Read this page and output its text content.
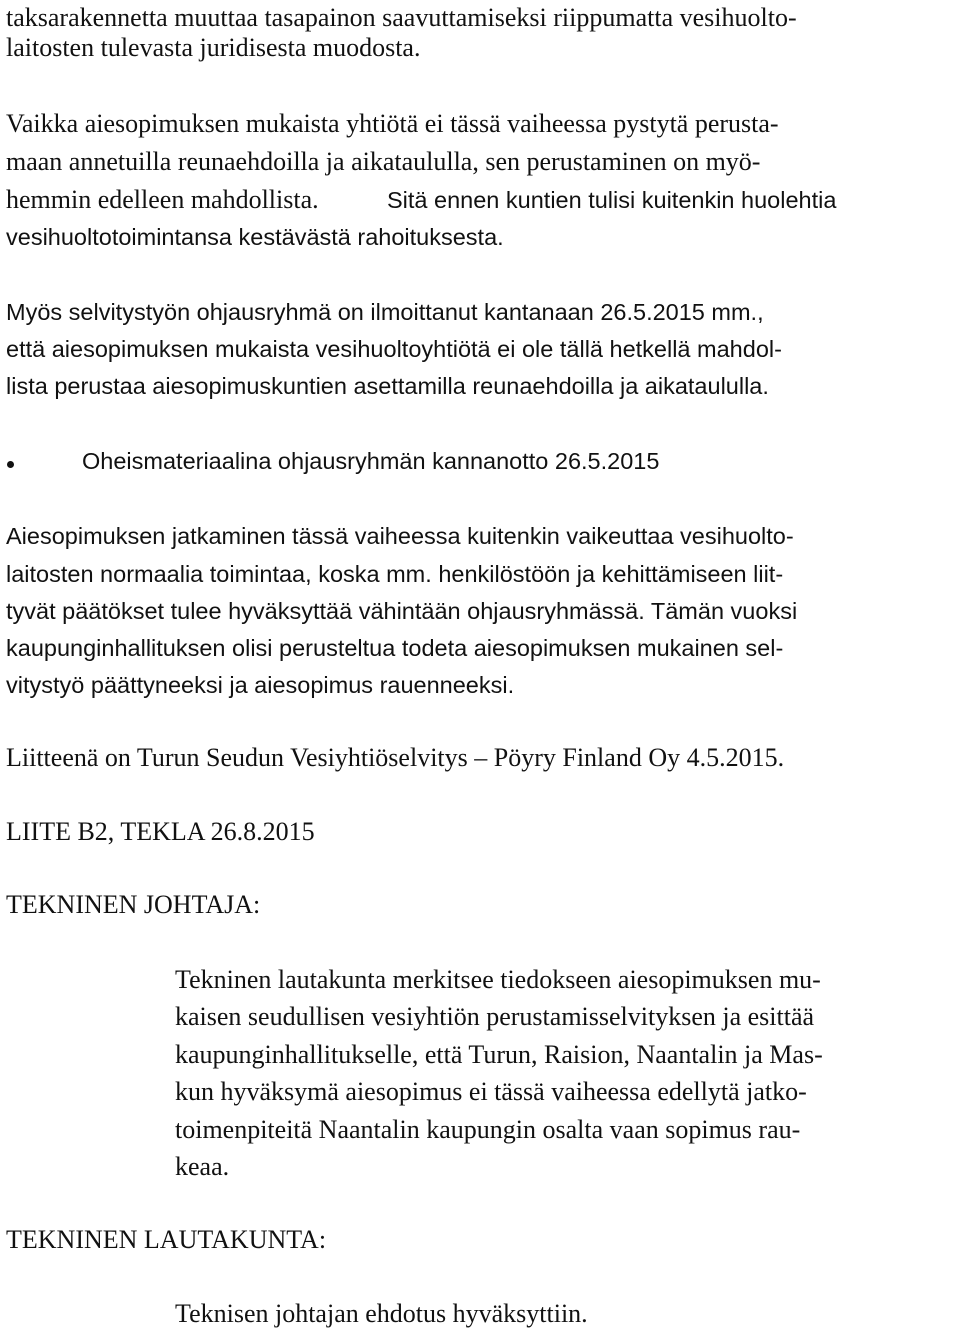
taksarakennetta muuttaa tasapainon saavuttamiseksi riippumatta vesihuolto-
laitosten tulevasta juridisesta muodosta.
Vaikka aiesopimuksen mukaista yhtiötä ei tässä vaiheessa pystytä perusta-
maan annetuilla reunaehdoilla ja aikataululla, sen perustaminen on myö-
hemmin edelleen mahdollista.	Sitä ennen kuntien tulisi kuitenkin huolehtia
vesihuoltotoimintansa kestävästä rahoituksesta.
Myös selvitystyön ohjausryhmä on ilmoittanut kantanaan 26.5.2015 mm.,
että aiesopimuksen mukaista vesihuoltoyhtiötä ei ole tällä hetkellä mahdol-
lista perustaa aiesopimuskuntien asettamilla reunaehdoilla ja aikataululla.
Oheismateriaalina ohjausryhmän kannanotto 26.5.2015
Aiesopimuksen jatkaminen tässä vaiheessa kuitenkin vaikeuttaa vesihuolto-
laitosten normaalia toimintaa, koska mm. henkilöstöön ja kehittämiseen liit-
tyvät päätökset tulee hyväksyttää vähintään ohjausryhmässä. Tämän vuoksi
kaupunginhallituksen olisi perusteltua todeta aiesopimuksen mukainen sel-
vitystyö päättyneeksi ja aiesopimus rauenneeksi.
Liitteenä on Turun Seudun Vesiyhtiöselvitys – Pöyry Finland Oy 4.5.2015.
LIITE B2, TEKLA 26.8.2015
TEKNINEN JOHTAJA:
Tekninen lautakunta merkitsee tiedokseen aiesopimuksen mu-
kaisen seudullisen vesiyhtiön perustamisselvityksen ja esittää
kaupunginhallitukselle, että Turun, Raision, Naantalin ja Mas-
kun hyväksymä aiesopimus ei tässä vaiheessa edellytä jatko-
toimenpiteitä Naantalin kaupungin osalta vaan sopimus rau-
keaa.
TEKNINEN LAUTAKUNTA:
Teknisen johtajan ehdotus hyväksyttiin.
